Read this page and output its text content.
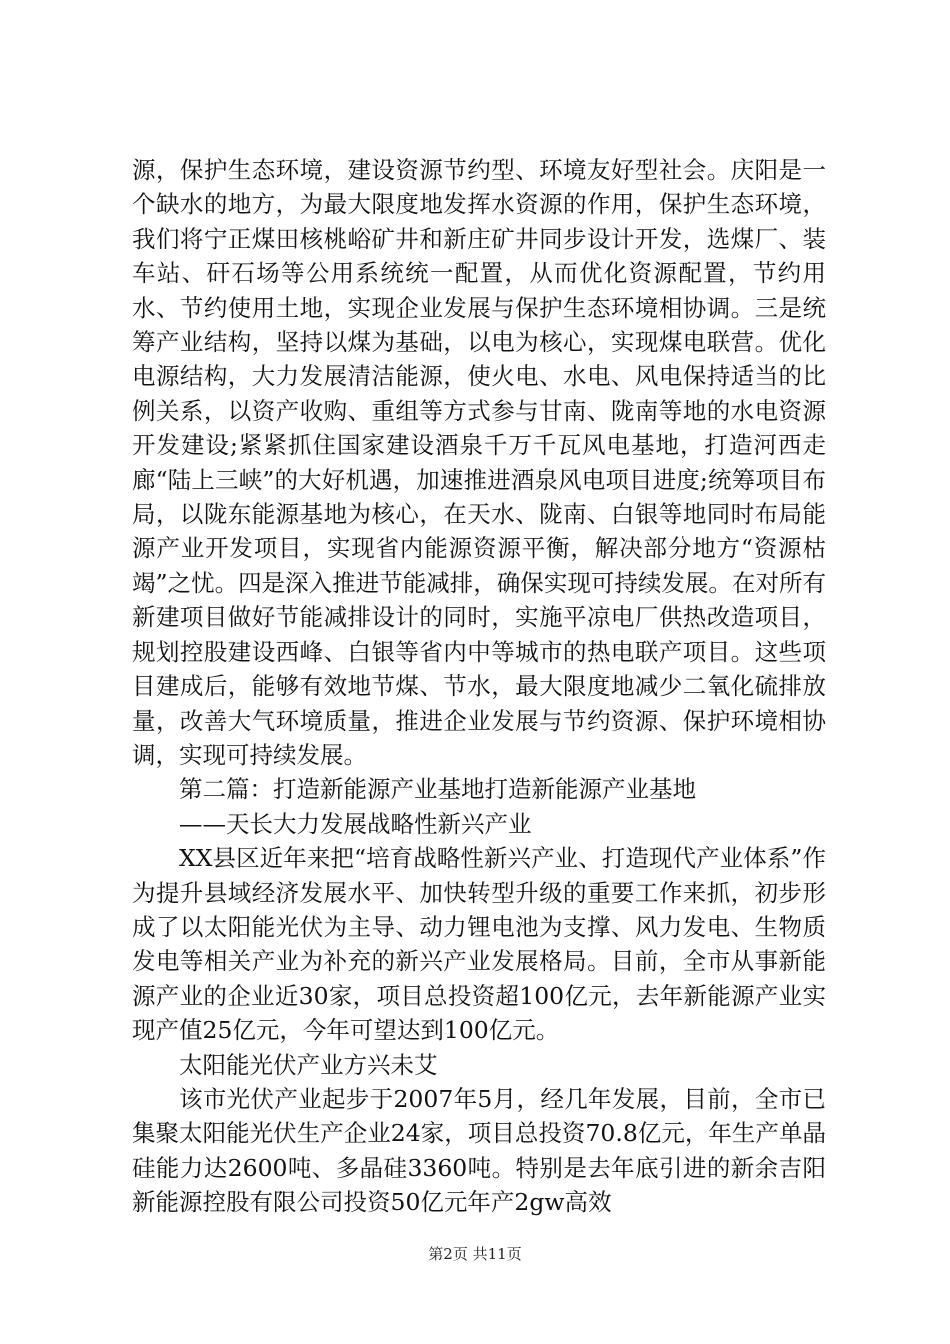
源，保护生态环境，建设资源节约型、环境友好型社会。庆阳是一个缺水的地方，为最大限度地发挥水资源的作用，保护生态环境，我们将宁正煤田核桃峪矿井和新庄矿井同步设计开发，选煤厂、装车站、矸石场等公用系统统一配置，从而优化资源配置，节约用水、节约使用土地，实现企业发展与保护生态环境相协调。三是统筹产业结构，坚持以煤为基础，以电为核心，实现煤电联营。优化电源结构，大力发展清洁能源，使火电、水电、风电保持适当的比例关系，以资产收购、重组等方式参与甘南、陇南等地的水电资源开发建设;紧紧抓住国家建设酒泉千万千瓦风电基地，打造河西走廊“陆上三峡”的大好机遇，加速推进酒泉风电项目进度;统筹项目布局，以陇东能源基地为核心，在天水、陇南、白银等地同时布局能源产业开发项目，实现省内能源资源平衡，解决部分地方“资源枯竭”之忧。四是深入推进节能减排，确保实现可持续发展。在对所有新建项目做好节能减排设计的同时，实施平凉电厂供热改造项目，规划控股建设西峰、白银等省内中等城市的热电联产项目。这些项目建成后，能够有效地节煤、节水，最大限度地减少二氧化硫排放量，改善大气环境质量，推进企业发展与节约资源、保护环境相协调，实现可持续发展。

第二篇：打造新能源产业基地打造新能源产业基地

——天长大力发展战略性新兴产业

XX县区近年来把“培育战略性新兴产业、打造现代产业体系”作为提升县域经济发展水平、加快转型升级的重要工作来抓，初步形成了以太阳能光伏为主导、动力锂电池为支撑、风力发电、生物质发电等相关产业为补充的新兴产业发展格局。目前，全市从事新能源产业的企业近30家，项目总投资超100亿元，去年新能源产业实现产值25亿元，今年可望达到100亿元。

太阳能光伏产业方兴未艾

该市光伏产业起步于2007年5月，经几年发展，目前，全市已集聚太阳能光伏生产企业24家，项目总投资70.8亿元，年生产单晶硅能力达2600吨、多晶硅3360吨。特别是去年底引进的新余吉阳新能源控股有限公司投资50亿元年产2gw高效

第2页 共11页
